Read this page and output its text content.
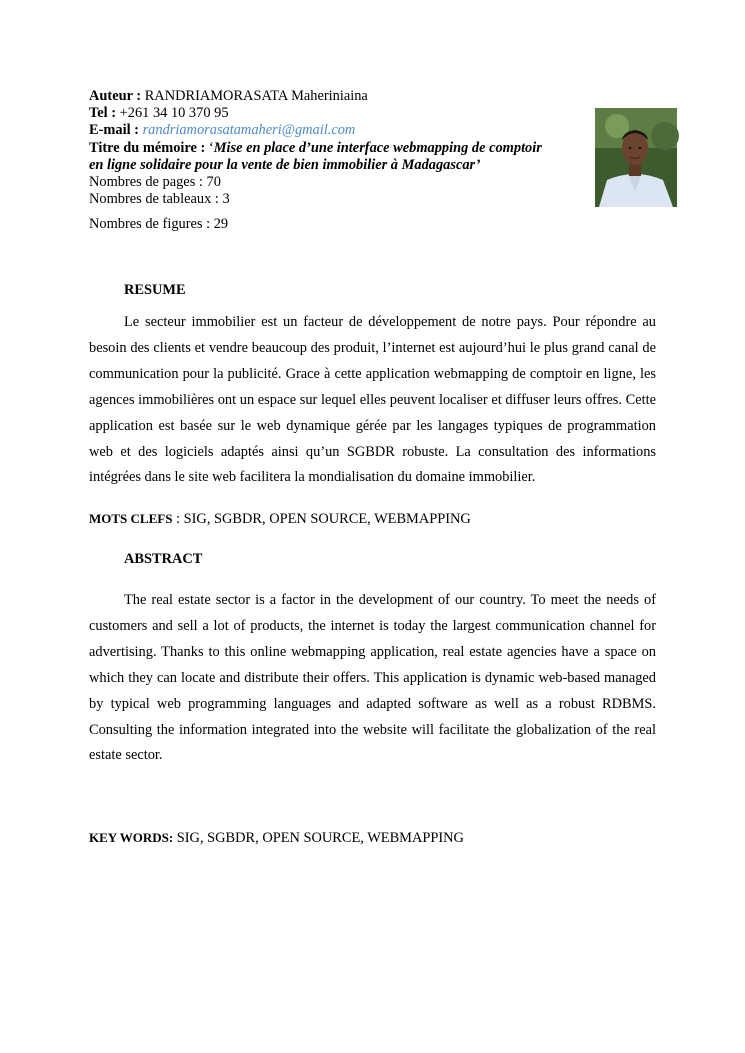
Auteur : RANDRIAMORASATA Maheriniaina
Tel : +261 34 10 370 95
E-mail : randriamorasatamaheri@gmail.com
Titre du mémoire : ‘Mise en place d’une interface webmapping de comptoir
en ligne solidaire pour la vente de bien immobilier à Madagascar’
Nombres de pages : 70
Nombres de tableaux : 3
Nombres de figures : 29
RESUME
Le secteur immobilier est un facteur de développement de notre pays. Pour répondre au besoin des clients et vendre beaucoup des produit, l’internet est aujourd’hui le plus grand canal de communication pour la publicité. Grace à cette application webmapping de comptoir en ligne, les agences immobilières ont un espace sur lequel elles peuvent localiser et diffuser leurs offres. Cette application est basée sur le web dynamique gérée par les langages typiques de programmation web et des logiciels adaptés ainsi qu’un SGBDR robuste. La consultation des informations intégrées dans le site web facilitera la mondialisation du domaine immobilier.
MOTS CLEFS : SIG, SGBDR, OPEN SOURCE, WEBMAPPING
ABSTRACT
The real estate sector is a factor in the development of our country. To meet the needs of customers and sell a lot of products, the internet is today the largest communication channel for advertising. Thanks to this online webmapping application, real estate agencies have a space on which they can locate and distribute their offers. This application is dynamic web-based managed by typical web programming languages and adapted software as well as a robust RDBMS. Consulting the information integrated into the website will facilitate the globalization of the real estate sector.
KEY WORDS: SIG, SGBDR, OPEN SOURCE, WEBMAPPING
